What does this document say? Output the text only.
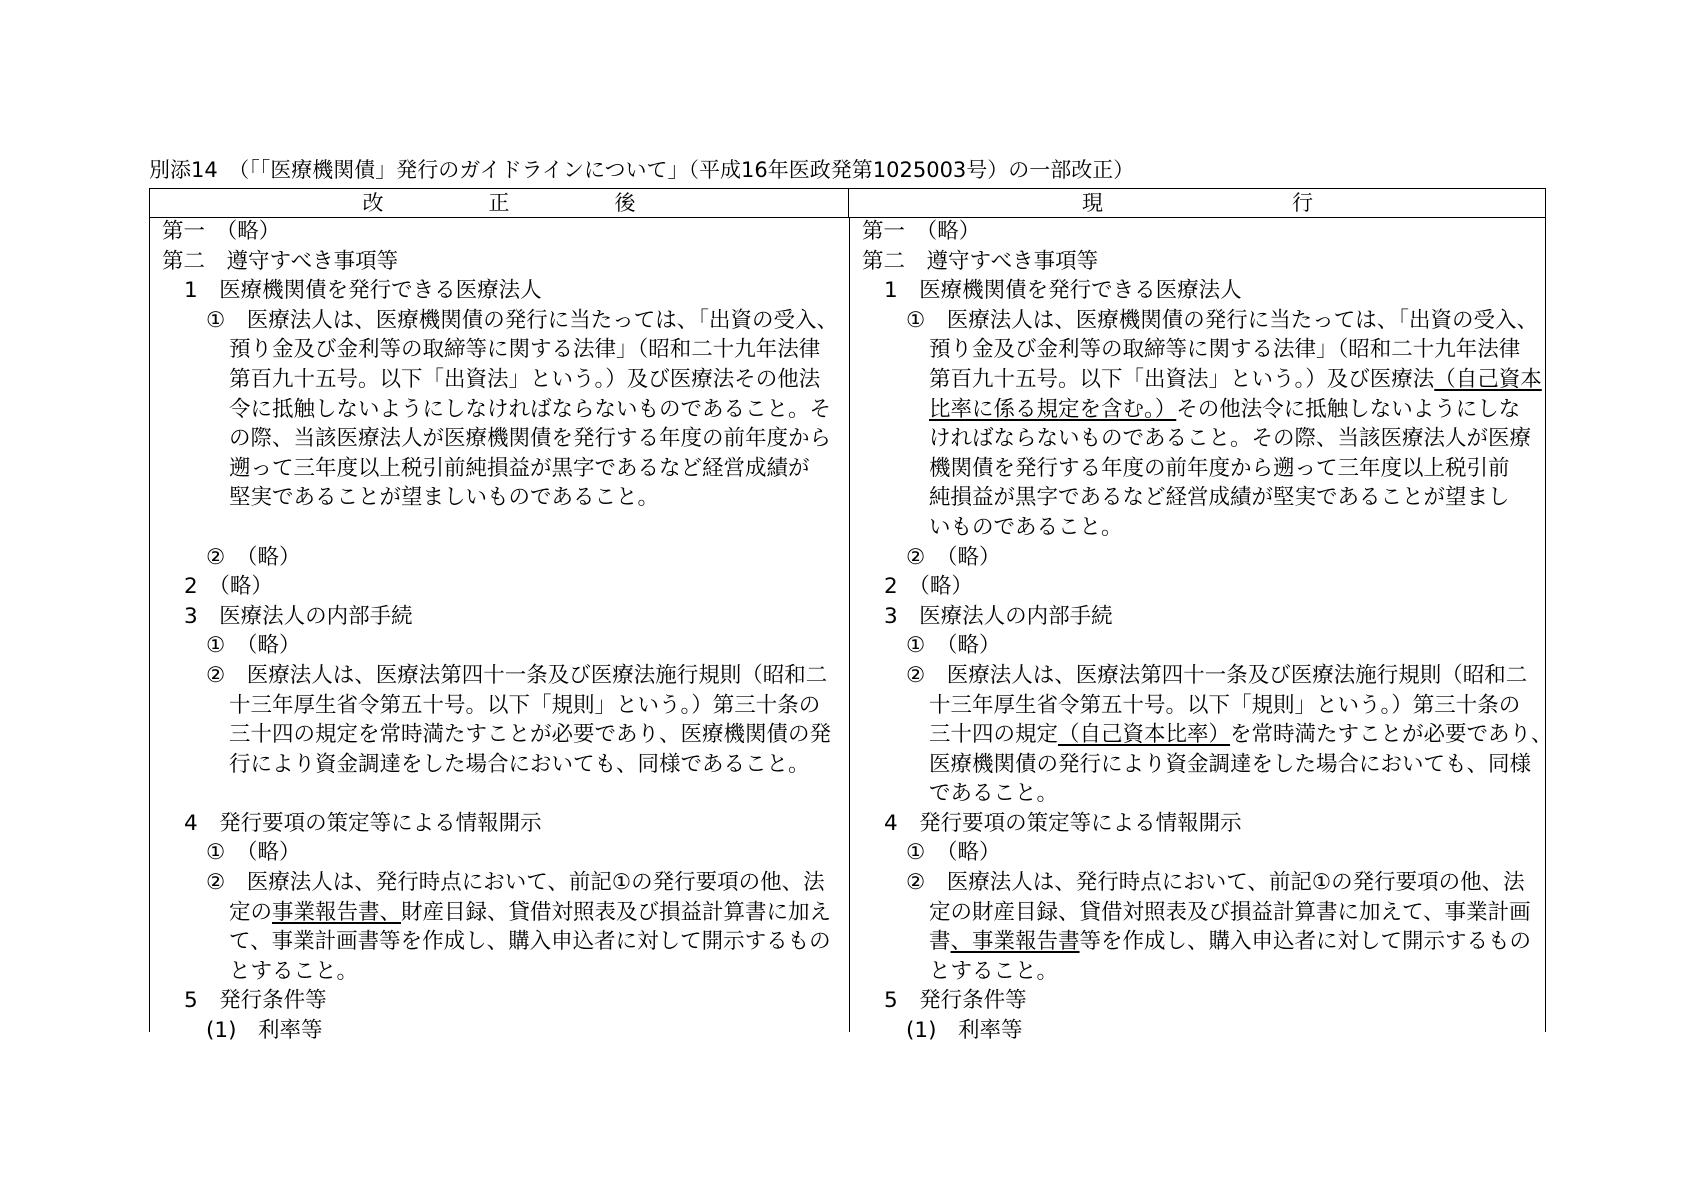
別添14　（「「医療機関債」発行のガイドラインについて」（平成16年医政発第1025003号）の一部改正）
改　　　　　正　　　　　後	現　　　　　　　　　行
第一　（略）
第二　遵守すべき事項等
1　医療機関債を発行できる医療法人
①　医療法人は、医療機関債の発行に当たっては、「出資の受入、
預り金及び金利等の取締等に関する法律」（昭和二十九年法律
第百九十五号。以下「出資法」という。）及び医療法その他法
令に抵触しないようにしなければならないものであること。そ
の際、当該医療法人が医療機関債を発行する年度の前年度から
遡って三年度以上税引前純損益が黒字であるなど経営成績が
堅実であることが望ましいものであること。
②　（略）
2　（略）
3　医療法人の内部手続
①　（略）
②　医療法人は、医療法第四十一条及び医療法施行規則（昭和二
十三年厚生省令第五十号。以下「規則」という。）第三十条の
三十四の規定を常時満たすことが必要であり、医療機関債の発
行により資金調達をした場合においても、同様であること。
4　発行要項の策定等による情報開示
①　（略）
②　医療法人は、発行時点において、前記①の発行要項の他、法
定の事業報告書、財産目録、貸借対照表及び損益計算書に加え
て、事業計画書等を作成し、購入申込者に対して開示するもの
とすること。
5　発行条件等
(1)　利率等
第一　（略）
第二　遵守すべき事項等
1　医療機関債を発行できる医療法人
①　医療法人は、医療機関債の発行に当たっては、「出資の受入、
預り金及び金利等の取締等に関する法律」（昭和二十九年法律
第百九十五号。以下「出資法」という。）及び医療法（自己資本
比率に係る規定を含む。）その他法令に抵触しないようにしな
ければならないものであること。その際、当該医療法人が医療
機関債を発行する年度の前年度から遡って三年度以上税引前
純損益が黒字であるなど経営成績が堅実であることが望まし
いものであること。
②　（略）
2　（略）
3　医療法人の内部手続
①　（略）
②　医療法人は、医療法第四十一条及び医療法施行規則（昭和二
十三年厚生省令第五十号。以下「規則」という。）第三十条の
三十四の規定（自己資本比率）を常時満たすことが必要であり、
医療機関債の発行により資金調達をした場合においても、同様
であること。
4　発行要項の策定等による情報開示
①　（略）
②　医療法人は、発行時点において、前記①の発行要項の他、法
定の財産目録、貸借対照表及び損益計算書に加えて、事業計画
書、事業報告書等を作成し、購入申込者に対して開示するもの
とすること。
5　発行条件等
(1)　利率等
